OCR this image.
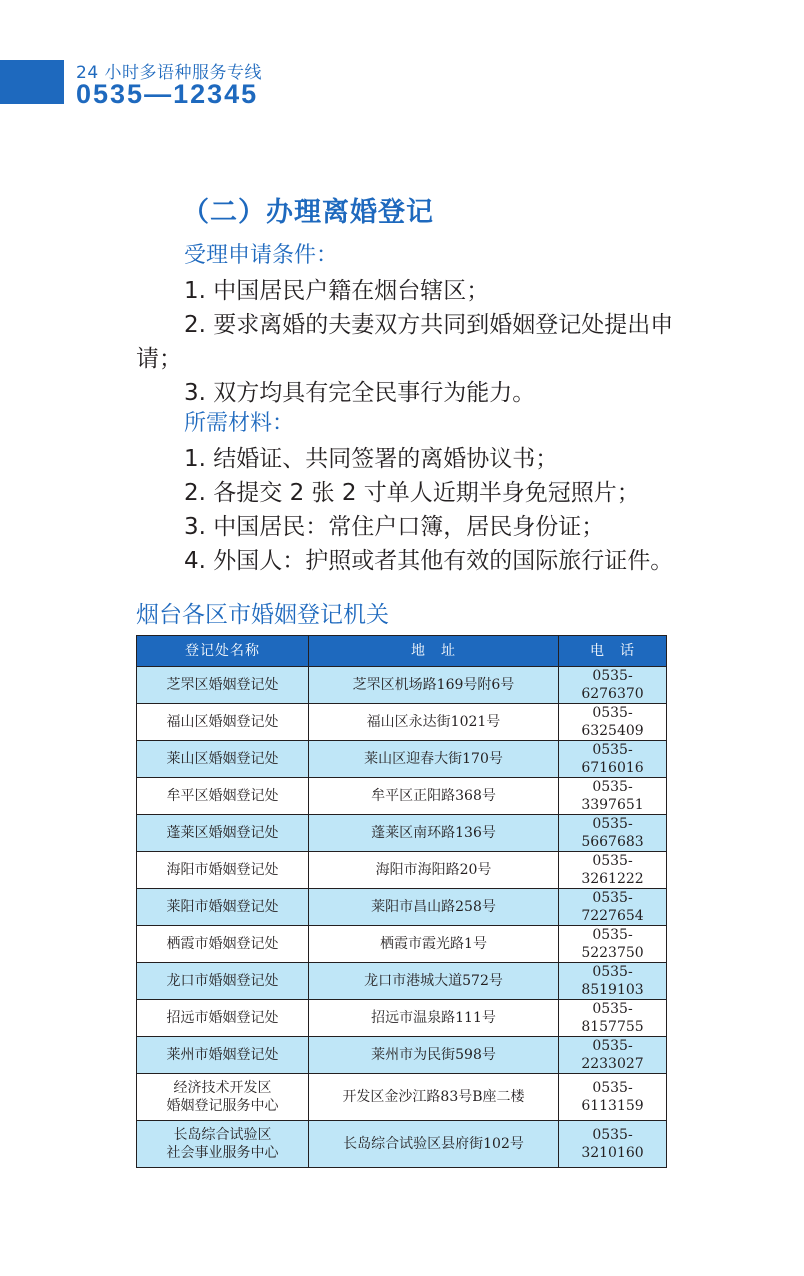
24 小时多语种服务专线
0535—12345
（二）办理离婚登记
受理申请条件：
1. 中国居民户籍在烟台辖区；
2. 要求离婚的夫妻双方共同到婚姻登记处提出申
请；
3. 双方均具有完全民事行为能力。
所需材料：
1. 结婚证、共同签署的离婚协议书；
2. 各提交 2 张 2 寸单人近期半身免冠照片；
3. 中国居民：常住户口簿，居民身份证；
4. 外国人：护照或者其他有效的国际旅行证件。
烟台各区市婚姻登记机关
登记处名称	地　址	电　话
芝罘区婚姻登记处	芝罘区机场路169号附6号	0535-6276370
福山区婚姻登记处	福山区永达街1021号	0535-6325409
莱山区婚姻登记处	莱山区迎春大街170号	0535-6716016
牟平区婚姻登记处	牟平区正阳路368号	0535-3397651
蓬莱区婚姻登记处	蓬莱区南环路136号	0535-5667683
海阳市婚姻登记处	海阳市海阳路20号	0535-3261222
莱阳市婚姻登记处	莱阳市昌山路258号	0535-7227654
栖霞市婚姻登记处	栖霞市霞光路1号	0535-5223750
龙口市婚姻登记处	龙口市港城大道572号	0535-8519103
招远市婚姻登记处	招远市温泉路111号	0535-8157755
莱州市婚姻登记处	莱州市为民街598号	0535-2233027
经济技术开发区
婚姻登记服务中心	开发区金沙江路83号B座二楼	0535-6113159
长岛综合试验区
社会事业服务中心	长岛综合试验区县府街102号	0535-3210160
